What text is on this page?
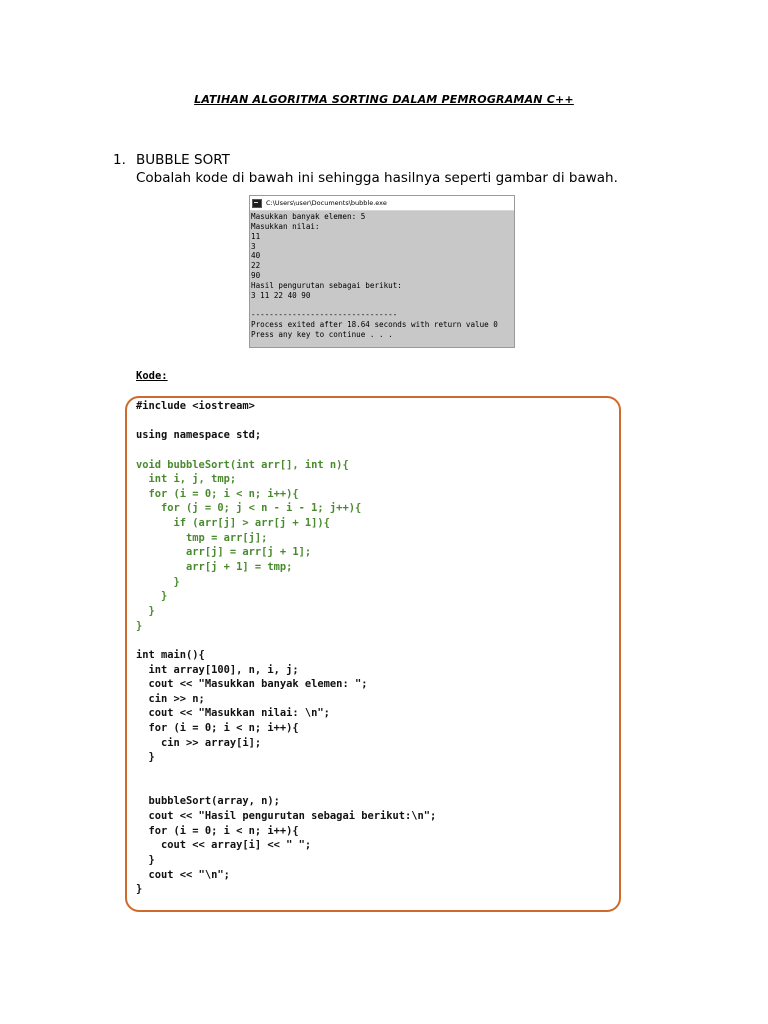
LATIHAN ALGORITMA SORTING DALAM PEMROGRAMAN C++
1. BUBBLE SORT
Cobalah kode di bawah ini sehingga hasilnya seperti gambar di bawah.
C:\Users\user\Documents\bubble.exe
Masukkan banyak elemen: 5
Masukkan nilai:
11
3
40
22
90
Hasil pengurutan sebagai berikut:
3 11 22 40 90

--------------------------------
Process exited after 18.64 seconds with return value 0
Press any key to continue . . .
Kode:
#include <iostream>
using namespace std;
void bubbleSort(int arr[], int n){
int i, j, tmp;
for (i = 0; i < n; i++){
for (j = 0; j < n - i - 1; j++){
if (arr[j] > arr[j + 1]){
tmp = arr[j];
arr[j] = arr[j + 1];
arr[j + 1] = tmp;
}
}
}
}
int main(){
int array[100], n, i, j;
cout << "Masukkan banyak elemen: ";
cin >> n;
cout << "Masukkan nilai: \n";
for (i = 0; i < n; i++){
cin >> array[i];
}
bubbleSort(array, n);
cout << "Hasil pengurutan sebagai berikut:\n";
for (i = 0; i < n; i++){
cout << array[i] << " ";
}
cout << "\n";
}
